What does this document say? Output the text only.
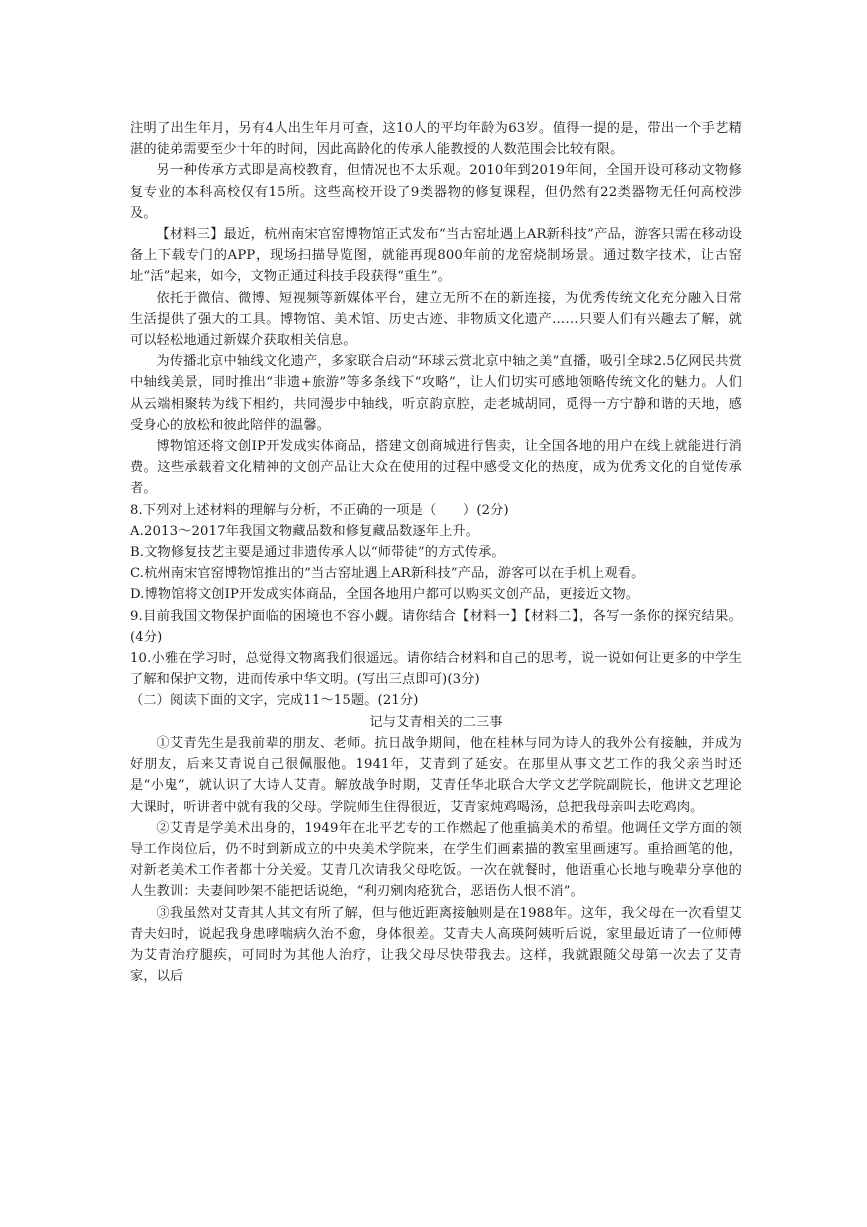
注明了出生年月，另有4人出生年月可查，这10人的平均年龄为63岁。值得一提的是，带出一个手艺精湛的徒弟需要至少十年的时间，因此高龄化的传承人能教授的人数范围会比较有限。

另一种传承方式即是高校教育，但情况也不太乐观。2010年到2019年间，全国开设可移动文物修复专业的本科高校仅有15所。这些高校开设了9类器物的修复课程，但仍然有22类器物无任何高校涉及。

【材料三】最近，杭州南宋官窑博物馆正式发布“当古窑址遇上AR新科技”产品，游客只需在移动设备上下载专门的APP，现场扫描导览图，就能再现800年前的龙窑烧制场景。通过数字技术，让古窑址“活”起来，如今，文物正通过科技手段获得“重生”。

依托于微信、微博、短视频等新媒体平台，建立无所不在的新连接，为优秀传统文化充分融入日常生活提供了强大的工具。博物馆、美术馆、历史古迹、非物质文化遗产……只要人们有兴趣去了解，就可以轻松地通过新媒介获取相关信息。

为传播北京中轴线文化遗产，多家联合启动“环球云赏北京中轴之美”直播，吸引全球2.5亿网民共赏中轴线美景，同时推出“非遗+旅游”等多条线下“攻略”，让人们切实可感地领略传统文化的魅力。人们从云端相聚转为线下相约，共同漫步中轴线，听京韵京腔，走老城胡同，觅得一方宁静和谐的天地，感受身心的放松和彼此陪伴的温馨。

博物馆还将文创IP开发成实体商品，搭建文创商城进行售卖，让全国各地的用户在线上就能进行消费。这些承载着文化精神的文创产品让大众在使用的过程中感受文化的热度，成为优秀文化的自觉传承者。

8.下列对上述材料的理解与分析，不正确的一项是（　　）(2分)

A.2013～2017年我国文物藏品数和修复藏品数逐年上升。

B.文物修复技艺主要是通过非遗传承人以“师带徒”的方式传承。

C.杭州南宋官窑博物馆推出的“当古窑址遇上AR新科技”产品，游客可以在手机上观看。

D.博物馆将文创IP开发成实体商品，全国各地用户都可以购买文创产品，更接近文物。

9.目前我国文物保护面临的困境也不容小觑。请你结合【材料一】【材料二】，各写一条你的探究结果。(4分)

10.小雅在学习时，总觉得文物离我们很遥远。请你结合材料和自己的思考，说一说如何让更多的中学生了解和保护文物，进而传承中华文明。(写出三点即可)(3分)

（二）阅读下面的文字，完成11～15题。(21分)

记与艾青相关的二三事

①艾青先生是我前辈的朋友、老师。抗日战争期间，他在桂林与同为诗人的我外公有接触，并成为好朋友，后来艾青说自己很佩服他。1941年，艾青到了延安。在那里从事文艺工作的我父亲当时还是“小鬼”，就认识了大诗人艾青。解放战争时期，艾青任华北联合大学文艺学院副院长，他讲文艺理论大课时，听讲者中就有我的父母。学院师生住得很近，艾青家炖鸡喝汤，总把我母亲叫去吃鸡肉。

②艾青是学美术出身的，1949年在北平艺专的工作燃起了他重搞美术的希望。他调任文学方面的领导工作岗位后，仍不时到新成立的中央美术学院来，在学生们画素描的教室里画速写。重拾画笔的他，对新老美术工作者都十分关爱。艾青几次请我父母吃饭。一次在就餐时，他语重心长地与晚辈分享他的人生教训：夫妻间吵架不能把话说绝，“利刃剜肉疮犹合，恶语伤人恨不消”。

③我虽然对艾青其人其文有所了解，但与他近距离接触则是在1988年。这年，我父母在一次看望艾青夫妇时，说起我身患哮喘病久治不愈，身体很差。艾青夫人高瑛阿姨听后说，家里最近请了一位师傅为艾青治疗腿疾，可同时为其他人治疗，让我父母尽快带我去。这样，我就跟随父母第一次去了艾青家，以后
